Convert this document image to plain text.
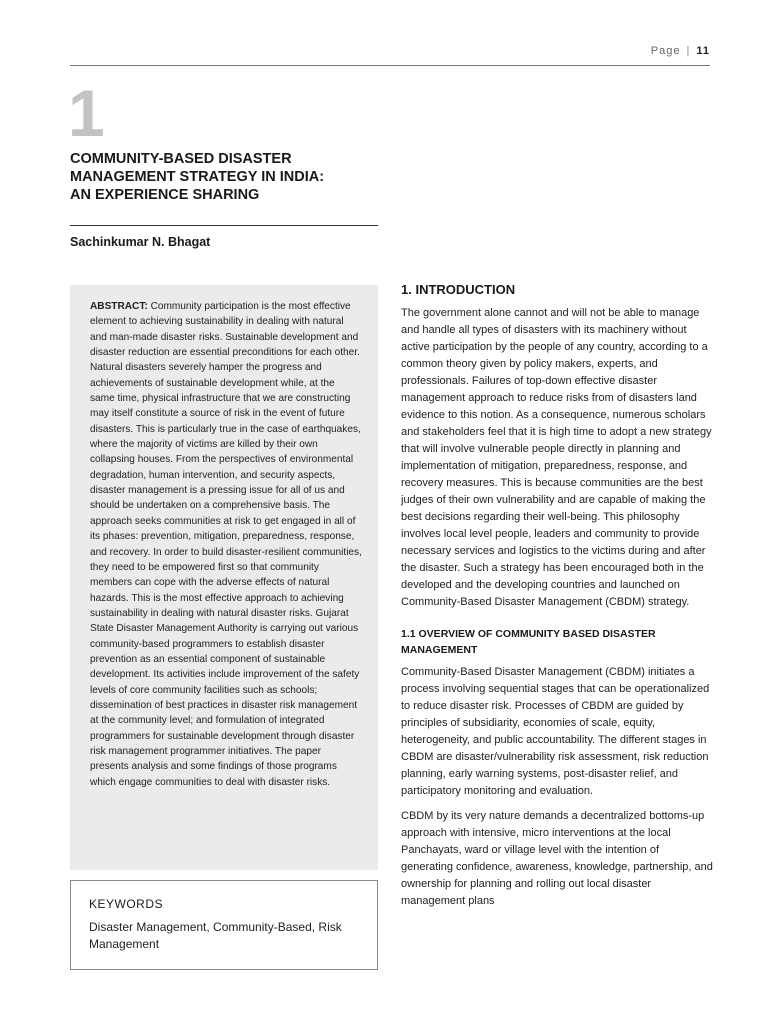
Page | 11
1
COMMUNITY-BASED DISASTER
MANAGEMENT STRATEGY IN INDIA:
AN EXPERIENCE SHARING
Sachinkumar N. Bhagat

ABSTRACT: Community participation is the most effective element to achieving sustainability in dealing with natural and man-made disaster risks. Sustainable development and disaster reduction are essential preconditions for each other. Natural disasters severely hamper the progress and achievements of sustainable development while, at the same time, physical infrastructure that we are constructing may itself constitute a source of risk in the event of future disasters. This is particularly true in the case of earthquakes, where the majority of victims are killed by their own collapsing houses. From the perspectives of environmental degradation, human intervention, and security aspects, disaster management is a pressing issue for all of us and should be undertaken on a comprehensive basis. The approach seeks communities at risk to get engaged in all of its phases: prevention, mitigation, preparedness, response, and recovery. In order to build disaster-resilient communities, they need to be empowered first so that community members can cope with the adverse effects of natural hazards. This is the most effective approach to achieving sustainability in dealing with natural disaster risks. Gujarat State Disaster Management Authority is carrying out various community-based programmers to establish disaster prevention as an essential component of sustainable development. Its activities include improvement of the safety levels of core community facilities such as schools; dissemination of best practices in disaster risk management at the community level; and formulation of integrated programmers for sustainable development through disaster risk management programmer initiatives. The paper presents analysis and some findings of those programs which engage communities to deal with disaster risks.

KEYWORDS
Disaster Management, Community-Based, Risk Management
1. INTRODUCTION

The government alone cannot and will not be able to manage and handle all types of disasters with its machinery without active participation by the people of any country, according to a common theory given by policy makers, experts, and professionals. Failures of top-down effective disaster management approach to reduce risks from of disasters land evidence to this notion. As a consequence, numerous scholars and stakeholders feel that it is high time to adopt a new strategy that will involve vulnerable people directly in planning and implementation of mitigation, preparedness, response, and recovery measures. This is because communities are the best judges of their own vulnerability and are capable of making the best decisions regarding their well-being. This philosophy involves local level people, leaders and community to provide necessary services and logistics to the victims during and after the disaster. Such a strategy has been encouraged both in the developed and the developing countries and launched on Community-Based Disaster Management (CBDM) strategy.

1.1 OVERVIEW OF COMMUNITY BASED DISASTER MANAGEMENT

Community-Based Disaster Management (CBDM) initiates a process involving sequential stages that can be operationalized to reduce disaster risk. Processes of CBDM are guided by principles of subsidiarity, economies of scale, equity, heterogeneity, and public accountability. The different stages in CBDM are disaster/vulnerability risk assessment, risk reduction planning, early warning systems, post-disaster relief, and participatory monitoring and evaluation.

CBDM by its very nature demands a decentralized bottoms-up approach with intensive, micro interventions at the local Panchayats, ward or village level with the intention of generating confidence, awareness, knowledge, partnership, and ownership for planning and rolling out local disaster management plans
